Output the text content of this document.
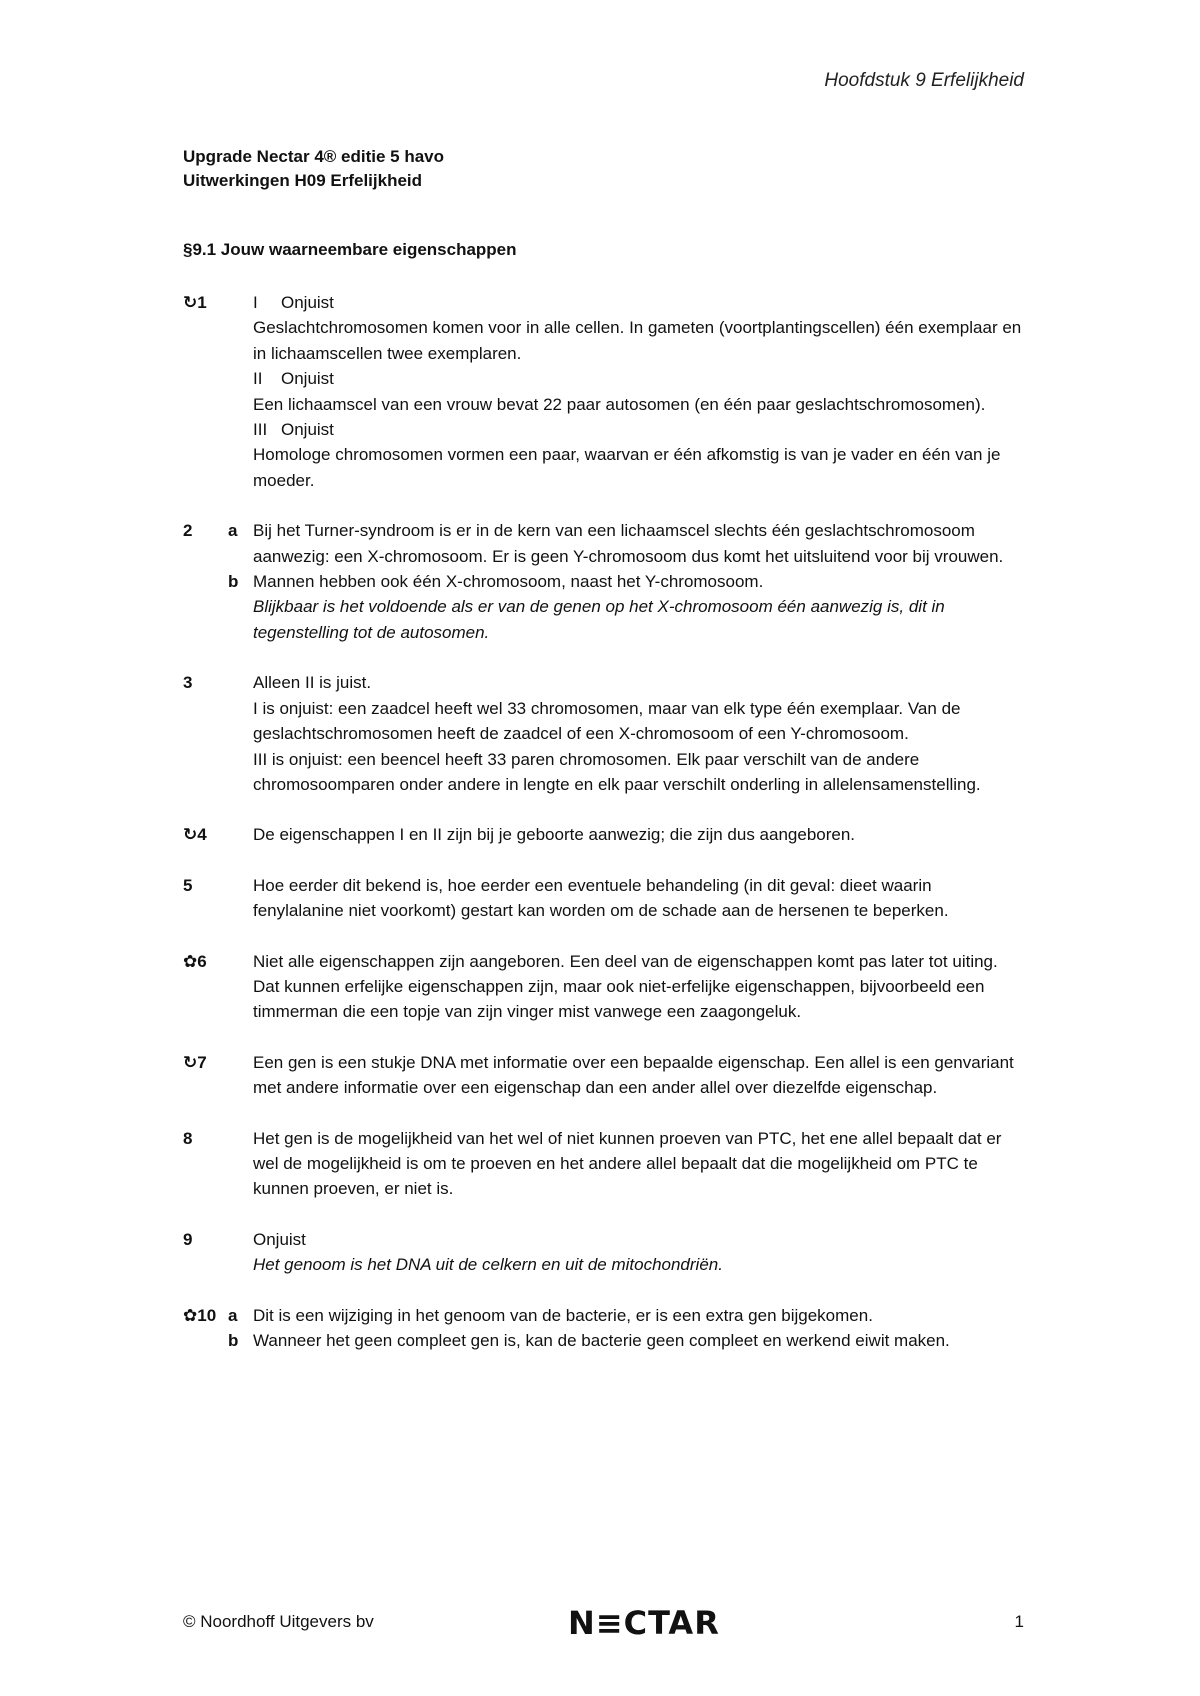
Hoofdstuk 9 Erfelijkheid
Upgrade Nectar 4® editie 5 havo
Uitwerkingen H09 Erfelijkheid
§9.1 Jouw waarneembare eigenschappen
↻1	I Onjuist
Geslachtchromosomen komen voor in alle cellen. In gameten (voortplantingscellen) één exemplaar en in lichaamscellen twee exemplaren.
II Onjuist
Een lichaamscel van een vrouw bevat 22 paar autosomen (en één paar geslachtschromosomen).
III Onjuist
Homologe chromosomen vormen een paar, waarvan er één afkomstig is van je vader en één van je moeder.
2	a Bij het Turner-syndroom is er in de kern van een lichaamscel slechts één geslachtschromosoom aanwezig: een X-chromosoom. Er is geen Y-chromosoom dus komt het uitsluitend voor bij vrouwen.
b Mannen hebben ook één X-chromosoom, naast het Y-chromosoom.
Blijkbaar is het voldoende als er van de genen op het X-chromosoom één aanwezig is, dit in tegenstelling tot de autosomen.
3	Alleen II is juist.
I is onjuist: een zaadcel heeft wel 33 chromosomen, maar van elk type één exemplaar. Van de geslachtschromosomen heeft de zaadcel of een X-chromosoom of een Y-chromosoom.
III is onjuist: een beencel heeft 33 paren chromosomen. Elk paar verschilt van de andere chromosoomparen onder andere in lengte en elk paar verschilt onderling in allelensamenstelling.
↻4	De eigenschappen I en II zijn bij je geboorte aanwezig; die zijn dus aangeboren.
5	Hoe eerder dit bekend is, hoe eerder een eventuele behandeling (in dit geval: dieet waarin fenylalanine niet voorkomt) gestart kan worden om de schade aan de hersenen te beperken.
✿6	Niet alle eigenschappen zijn aangeboren. Een deel van de eigenschappen komt pas later tot uiting. Dat kunnen erfelijke eigenschappen zijn, maar ook niet-erfelijke eigenschappen, bijvoorbeeld een timmerman die een topje van zijn vinger mist vanwege een zaagongeluk.
↻7	Een gen is een stukje DNA met informatie over een bepaalde eigenschap. Een allel is een genvariant met andere informatie over een eigenschap dan een ander allel over diezelfde eigenschap.
8	Het gen is de mogelijkheid van het wel of niet kunnen proeven van PTC, het ene allel bepaalt dat er wel de mogelijkheid is om te proeven en het andere allel bepaalt dat die mogelijkheid om PTC te kunnen proeven, er niet is.
9	Onjuist
Het genoom is het DNA uit de celkern en uit de mitochondriën.
✿10 a Dit is een wijziging in het genoom van de bacterie, er is een extra gen bijgekomen.
b Wanneer het geen compleet gen is, kan de bacterie geen compleet en werkend eiwit maken.
© Noordhoff Uitgevers bv	N≡CTAR	1
